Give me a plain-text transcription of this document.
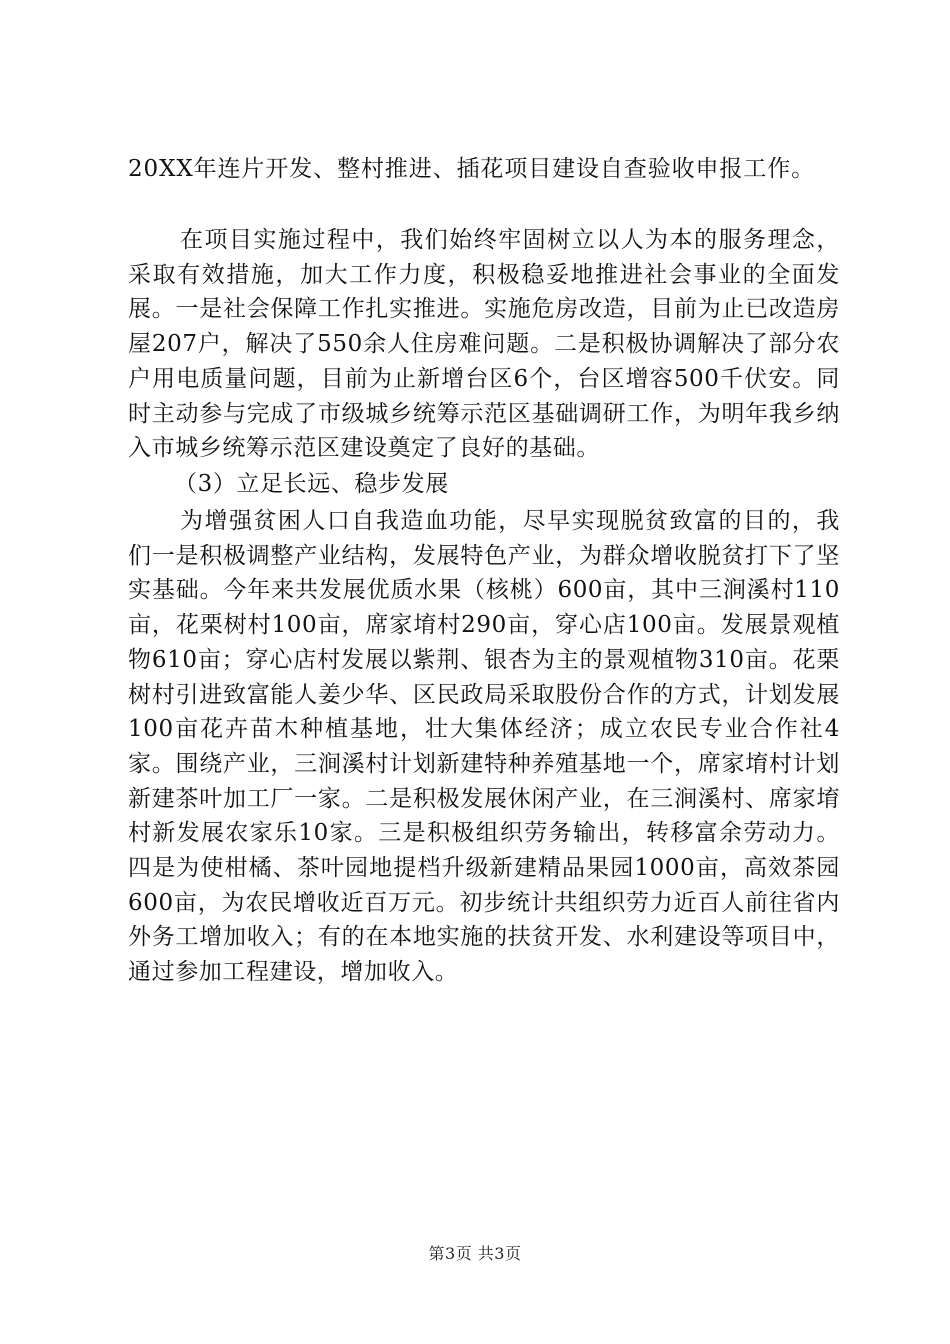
20XX年连片开发、整村推进、插花项目建设自查验收申报工作。

在项目实施过程中，我们始终牢固树立以人为本的服务理念，采取有效措施，加大工作力度，积极稳妥地推进社会事业的全面发展。一是社会保障工作扎实推进。实施危房改造，目前为止已改造房屋207户，解决了550余人住房难问题。二是积极协调解决了部分农户用电质量问题，目前为止新增台区6个，台区增容500千伏安。同时主动参与完成了市级城乡统筹示范区基础调研工作，为明年我乡纳入市城乡统筹示范区建设奠定了良好的基础。

（3）立足长远、稳步发展

为增强贫困人口自我造血功能，尽早实现脱贫致富的目的，我们一是积极调整产业结构，发展特色产业，为群众增收脱贫打下了坚实基础。今年来共发展优质水果（核桃）600亩，其中三涧溪村110亩，花栗树村100亩，席家堉村290亩，穿心店100亩。发展景观植物610亩；穿心店村发展以紫荆、银杏为主的景观植物310亩。花栗树村引进致富能人姜少华、区民政局采取股份合作的方式，计划发展100亩花卉苗木种植基地，壮大集体经济；成立农民专业合作社4家。围绕产业，三涧溪村计划新建特种养殖基地一个，席家堉村计划新建茶叶加工厂一家。二是积极发展休闲产业，在三涧溪村、席家堉村新发展农家乐10家。三是积极组织劳务输出，转移富余劳动力。四是为使柑橘、茶叶园地提档升级新建精品果园1000亩，高效茶园600亩，为农民增收近百万元。初步统计共组织劳力近百人前往省内外务工增加收入；有的在本地实施的扶贫开发、水利建设等项目中，通过参加工程建设，增加收入。

第3页 共3页
